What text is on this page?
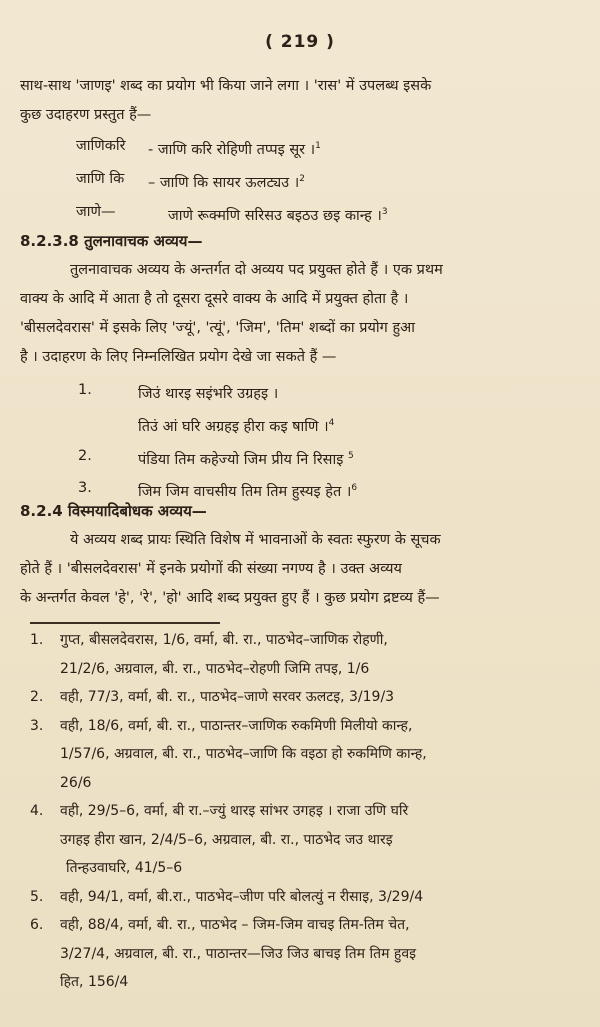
( 219 )

साथ-साथ 'जाणइ' शब्द का प्रयोग भी किया जाने लगा । 'रास' में उपलब्ध इसके

कुछ उदाहरण प्रस्तुत हैं—

जाणिकरि	- जाणि करि रोहिणी तप्पइ सूर ।$^1$
जाणि कि	– जाणि कि सायर ऊलट्यउ ।$^2$
जाणे—	जाणे रूक्मणि सरिसउ बइठउ छइ कान्ह ।$^3$

8.2.3.8 तुलनावाचक अव्यय—

तुलनावाचक अव्यय के अन्तर्गत दो अव्यय पद प्रयुक्त होते हैं । एक प्रथम

वाक्य के आदि में आता है तो दूसरा दूसरे वाक्य के आदि में प्रयुक्त होता है ।

'बीसलदेवरास' में इसके लिए 'ज्यूं', 'त्यूं', 'जिम', 'तिम' शब्दों का प्रयोग हुआ

है । उदाहरण के लिए निम्नलिखित प्रयोग देखे जा सकते हैं —

1.	जिउं थारइ सइंभरि उग्रहइ ।
तिउं आं घरि अग्रहइ हीरा कइ षाणि ।$^4$
2.	पंडिया तिम कहेज्यो जिम प्रीय नि रिसाइ $^5$
3.	जिम जिम वाचसीय तिम तिम हुस्यइ हेत ।$^6$

8.2.4 विस्मयादिबोधक अव्यय—

ये अव्यय शब्द प्रायः स्थिति विशेष में भावनाओं के स्वतः स्फुरण के सूचक

होते हैं । 'बीसलदेवरास' में इनके प्रयोगों की संख्या नगण्य है । उक्त अव्यय

के अन्तर्गत केवल 'हे', 'रे', 'हो' आदि शब्द प्रयुक्त हुए हैं । कुछ प्रयोग द्रष्टव्य हैं—

1.	गुप्त, बीसलदेवरास, 1/6, वर्मा, बी. रा., पाठभेद–जाणिक रोहणी,
21/2/6, अग्रवाल, बी. रा., पाठभेद–रोहणी जिमि तपइ, 1/6
2.	वही, 77/3, वर्मा, बी. रा., पाठभेद–जाणे सरवर ऊलटइ, 3/19/3
3.	वही, 18/6, वर्मा, बी. रा., पाठान्तर–जाणिक रुकमिणी मिलीयो कान्ह,
1/57/6, अग्रवाल, बी. रा., पाठभेद–जाणि कि वइठा हो रुकमिणि कान्ह,
26/6
4.	वही, 29/5–6, वर्मा, बी रा.–ज्युं थारइ सांभर उगहइ । राजा उणि घरि
उगहइ हीरा खान, 2/4/5–6, अग्रवाल, बी. रा., पाठभेद जउ थारइ
तिन्हउवाघरि, 41/5–6
5.	वही, 94/1, वर्मा, बी.रा., पाठभेद–जीण परि बोलत्युं न रीसाइ, 3/29/4
6.	वही, 88/4, वर्मा, बी. रा., पाठभेद – जिम-जिम वाचइ तिम-तिम चेत,
3/27/4, अग्रवाल, बी. रा., पाठान्तर—जिउ जिउ बाचइ तिम तिम हुवइ
हित, 156/4
